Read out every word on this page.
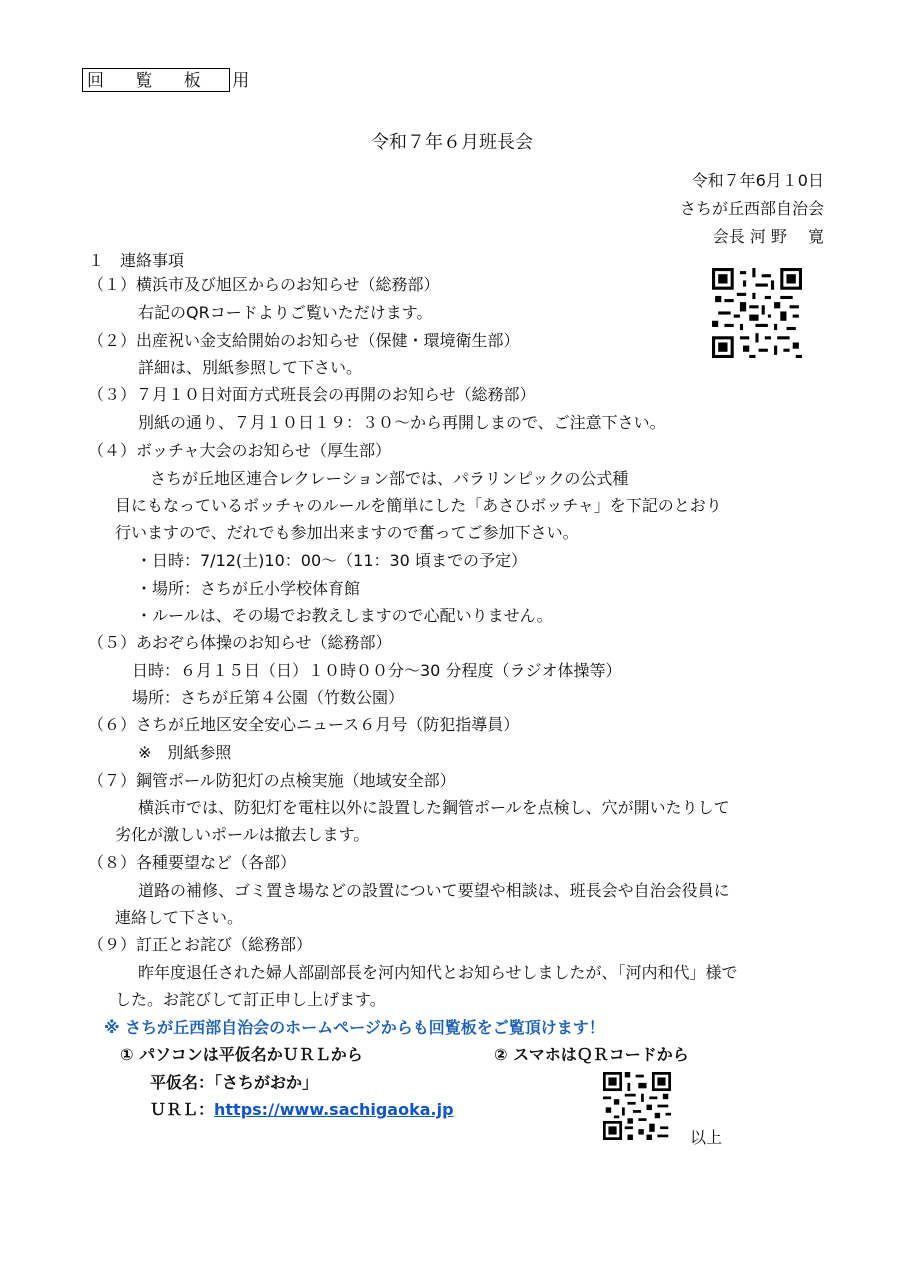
回 覧 板 用
令和７年６月班長会
令和７年6月１0日
さちが丘西部自治会
会長 河 野　 寛
１　連絡事項
（１）横浜市及び旭区からのお知らせ（総務部）
右記のQRコードよりご覧いただけます。
（２）出産祝い金支給開始のお知らせ（保健・環境衛生部）
詳細は、別紙参照して下さい。
（３）７月１０日対面方式班長会の再開のお知らせ（総務部）
別紙の通り、７月１０日１９：３０～から再開しまので、ご注意下さい。
（４）ボッチャ大会のお知らせ（厚生部）
さちが丘地区連合レクレーション部では、パラリンピックの公式種
目にもなっているボッチャのルールを簡単にした「あさひボッチャ」を下記のとおり
行いますので、だれでも参加出来ますので奮ってご参加下さい。
・日時：7/12(土)10：00～（11：30 頃までの予定）
・場所：さちが丘小学校体育館
・ルールは、その場でお教えしますので心配いりません。
（５）あおぞら体操のお知らせ（総務部）
日時：６月１５日（日）１０時００分～30 分程度（ラジオ体操等）
場所：さちが丘第４公園（竹数公園）
（６）さちが丘地区安全安心ニュース６月号（防犯指導員）
※　別紙参照
（７）鋼管ポール防犯灯の点検実施（地域安全部）
横浜市では、防犯灯を電柱以外に設置した鋼管ポールを点検し、穴が開いたりして
劣化が激しいポールは撤去します。
（８）各種要望など（各部）
道路の補修、ゴミ置き場などの設置について要望や相談は、班長会や自治会役員に
連絡して下さい。
（９）訂正とお詫び（総務部）
昨年度退任された婦人部副部長を河内知代とお知らせしましたが、「河内和代」様で
した。お詫びして訂正申し上げます。
※ さちが丘西部自治会のホームページからも回覧板をご覧頂けます！
① パソコンは平仮名かＵＲＬから	② スマホはＱＲコードから
平仮名：「さちがおか」
ＵＲＬ：https://www.sachigaoka.jp
以上
